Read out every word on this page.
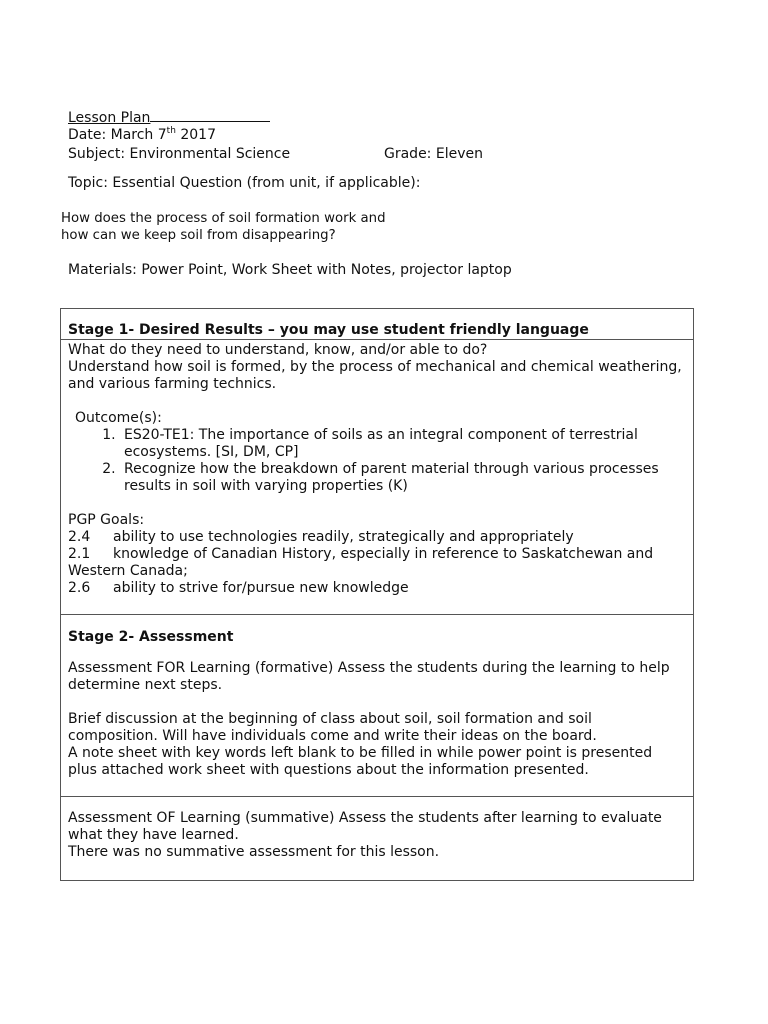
Lesson Plan
Date: March 7th 2017
Subject: Environmental Science	Grade: Eleven
Topic: Essential Question (from unit, if applicable):
How does the process of soil formation work and
how can we keep soil from disappearing?
Materials: Power Point, Work Sheet with Notes, projector laptop
Stage 1- Desired Results – you may use student friendly language

What do they need to understand, know, and/or able to do?
Understand how soil is formed, by the process of mechanical and chemical weathering, and various farming technics.
Outcome(s):
1. ES20-TE1: The importance of soils as an integral component of terrestrial ecosystems. [SI, DM, CP]
2. Recognize how the breakdown of parent material through various processes results in soil with varying properties (K)
PGP Goals:
2.4	ability to use technologies readily, strategically and appropriately
2.1	knowledge of Canadian History, especially in reference to Saskatchewan and
Western Canada;
2.6	ability to strive for/pursue new knowledge
Stage 2- Assessment

Assessment FOR Learning (formative) Assess the students during the learning to help determine next steps.
Brief discussion at the beginning of class about soil, soil formation and soil composition. Will have individuals come and write their ideas on the board.
A note sheet with key words left blank to be filled in while power point is presented plus attached work sheet with questions about the information presented.

Assessment OF Learning (summative) Assess the students after learning to evaluate what they have learned.
There was no summative assessment for this lesson.
